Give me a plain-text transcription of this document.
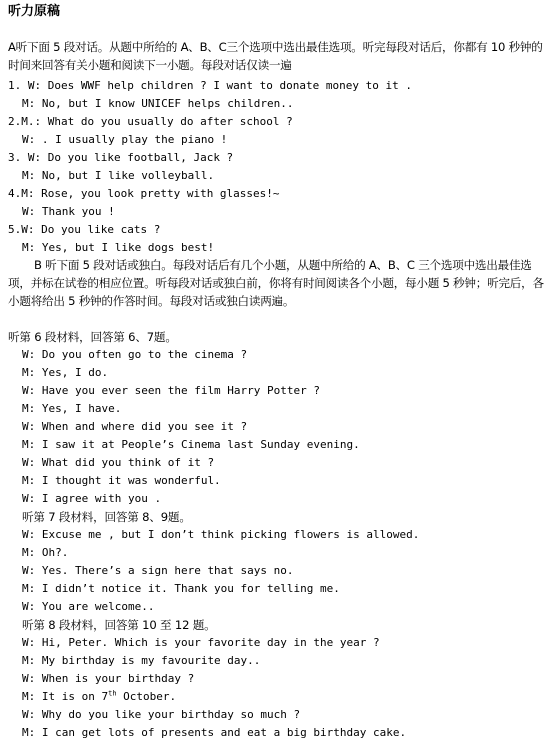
听力原稿
A听下面 5 段对话。从题中所给的 A、B、C三个选项中选出最佳选项。听完每段对话后，你都有 10 秒钟的时间来回答有关小题和阅读下一小题。每段对话仅读一遍
1. W: Does WWF help children ? I want to donate money to it .
M: No, but I know UNICEF helps children..
2.M.: What do you usually do after school ?
W: . I usually play the piano !
3. W: Do you like football, Jack ?
M: No, but I like volleyball.
4.M: Rose, you look pretty with glasses!~
W: Thank you !
5.W: Do you like cats ?
M: Yes, but I like dogs best!
B 听下面 5 段对话或独白。每段对话后有几个小题，从题中所给的 A、B、C 三个选项中选出最佳选项，并标在试卷的相应位置。听每段对话或独白前，你将有时间阅读各个小题，每小题 5 秒钟；听完后，各小题将给出 5 秒钟的作答时间。每段对话或独白读两遍。
听第 6 段材料，回答第 6、7题。
W: Do you often go to the cinema ?
M: Yes, I do.
W: Have you ever seen the film Harry Potter ?
M: Yes, I have.
W: When and where did you see it ?
M: I saw it at People’s Cinema last Sunday evening.
W: What did you think of it ?
M: I thought it was wonderful.
W: I agree with you .
听第 7 段材料，回答第 8、9题。
W: Excuse me , but I don’t think picking flowers is allowed.
M: Oh?.
W: Yes. There’s a sign here that says no.
M: I didn’t notice it. Thank you for telling me.
W: You are welcome..
听第 8 段材料，回答第 10 至 12 题。
W: Hi, Peter. Which is your favorite day in the year ?
M: My birthday is my favourite day..
W: When is your birthday ?
M: It is on 7th October.
W: Why do you like your birthday so much ?
M: I can get lots of presents and eat a big birthday cake.
